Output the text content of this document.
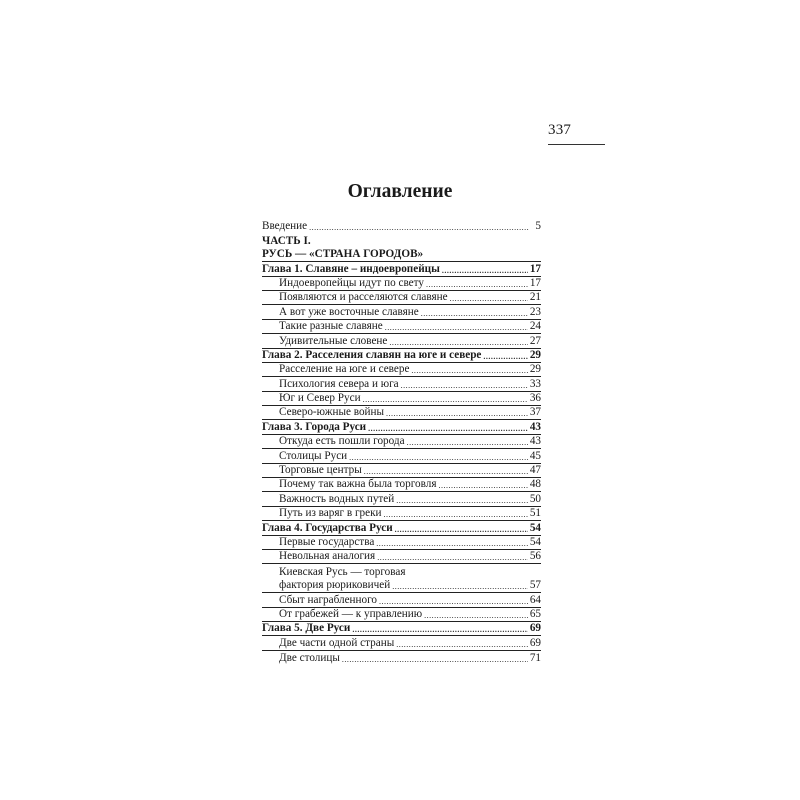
337
Оглавление
Введение .....	5
ЧАСТЬ I.
РУСЬ — «СТРАНА ГОРОДОВ»
Глава 1. Славяне – индоевропейцы .....	17
Индоевропейцы идут по свету .....	17
Появляются и расселяются славяне .....	21
А вот уже восточные славяне .....	23
Такие разные славяне .....	24
Удивительные словене .....	27
Глава 2. Расселения славян на юге и севере .....	29
Расселение на юге и севере .....	29
Психология севера и юга .....	33
Юг и Север Руси .....	36
Северо-южные войны .....	37
Глава 3. Города Руси .....	43
Откуда есть пошли города .....	43
Столицы Руси .....	45
Торговые центры .....	47
Почему так важна была торговля .....	48
Важность водных путей .....	50
Путь из варяг в греки .....	51
Глава 4. Государства Руси .....	54
Первые государства .....	54
Невольная аналогия .....	56
Киевская Русь — торговая
фактория рюриковичей .....	57
Сбыт награбленного .....	64
От грабежей — к управлению .....	65
Глава 5. Две Руси .....	69
Две части одной страны .....	69
Две столицы .....	71
